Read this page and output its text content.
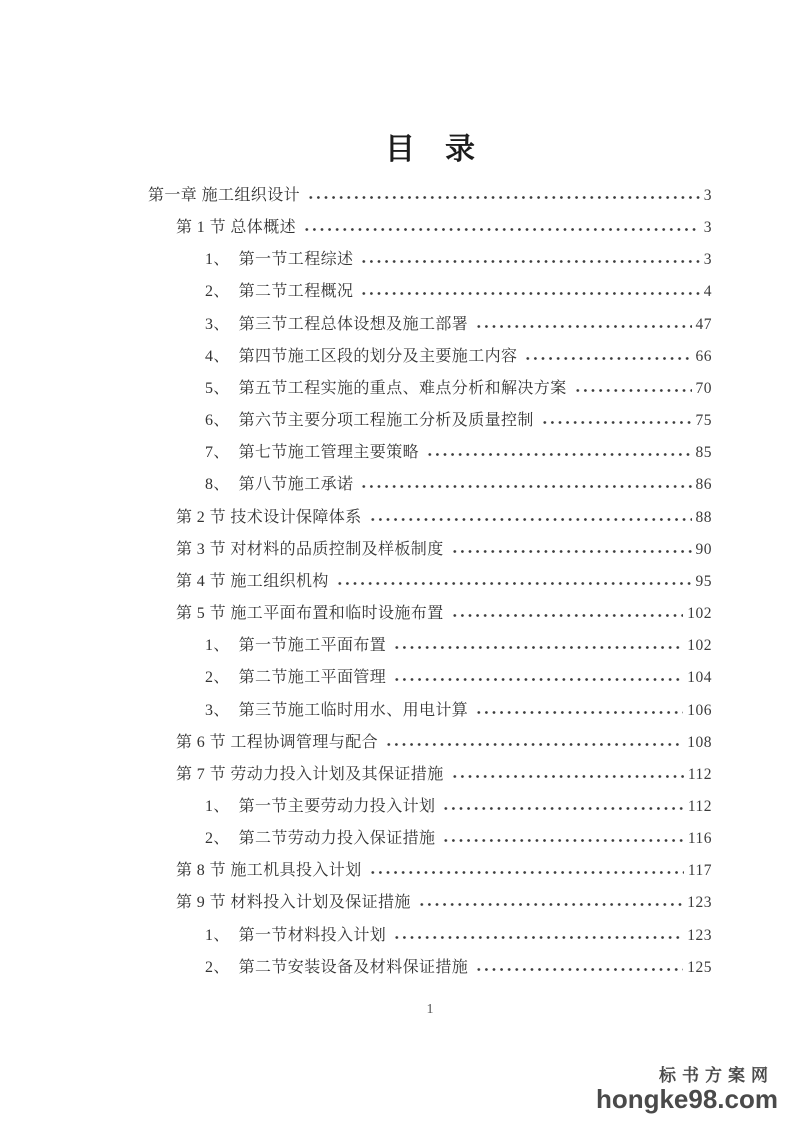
目　录
第一章 施工组织设计	3
第 1 节 总体概述	3
1、  第一节工程综述	3
2、  第二节工程概况	4
3、  第三节工程总体设想及施工部署	47
4、  第四节施工区段的划分及主要施工内容	66
5、  第五节工程实施的重点、难点分析和解决方案	70
6、  第六节主要分项工程施工分析及质量控制	75
7、  第七节施工管理主要策略	85
8、  第八节施工承诺	86
第 2 节 技术设计保障体系	88
第 3 节 对材料的品质控制及样板制度	90
第 4 节 施工组织机构	95
第 5 节 施工平面布置和临时设施布置	102
1、  第一节施工平面布置	102
2、  第二节施工平面管理	104
3、  第三节施工临时用水、用电计算	106
第 6 节 工程协调管理与配合	108
第 7 节 劳动力投入计划及其保证措施	112
1、  第一节主要劳动力投入计划	112
2、  第二节劳动力投入保证措施	116
第 8 节 施工机具投入计划	117
第 9 节 材料投入计划及保证措施	123
1、  第一节材料投入计划	123
2、  第二节安装设备及材料保证措施	125
1
标书方案网
hongke98.com
